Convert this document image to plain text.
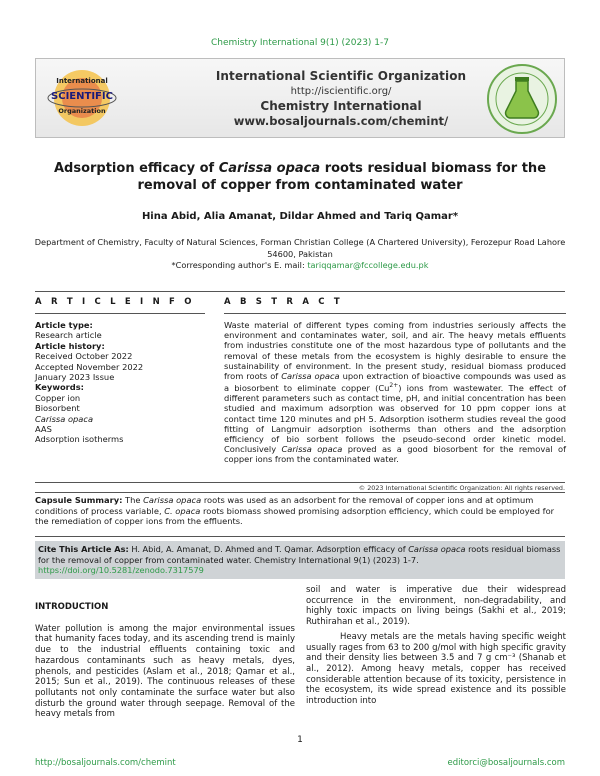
Chemistry International 9(1) (2023) 1-7
International
SCIENTIFIC
Organization
International Scientific Organization
http://iscientific.org/
Chemistry International
www.bosaljournals.com/chemint/
Adsorption efficacy of Carissa opaca roots residual biomass for the removal of copper from contaminated water
Hina Abid, Alia Amanat, Dildar Ahmed and Tariq Qamar*
Department of Chemistry, Faculty of Natural Sciences, Forman Christian College (A Chartered University), Ferozepur Road Lahore 54600, Pakistan
*Corresponding author's E. mail: tariqqamar@fccollege.edu.pk
A R T I C L E I N F O	A B S T R A C T
Article type:
Research article
Article history:
Received October 2022
Accepted November 2022
January 2023 Issue
Keywords:
Copper ion
Biosorbent
Carissa opaca
AAS
Adsorption isotherms
Waste material of different types coming from industries seriously affects the environment and contaminates water, soil, and air. The heavy metals effluents from industries constitute one of the most hazardous type of pollutants and the removal of these metals from the ecosystem is highly desirable to ensure the sustainability of environment. In the present study, residual biomass produced from roots of Carissa opaca upon extraction of bioactive compounds was used as a biosorbent to eliminate copper $(Cu^{2+})$ ions from wastewater. The effect of different parameters such as contact time, pH, and initial concentration has been studied and maximum adsorption was observed for 10 ppm copper ions at contact time 120 minutes and pH 5. Adsorption isotherm studies reveal the good fitting of Langmuir adsorption isotherms than others and the adsorption efficiency of bio sorbent follows the pseudo-second order kinetic model. Conclusively Carissa opaca proved as a good biosorbent for the removal of copper ions from the contaminated water.
© 2023 International Scientific Organization: All rights reserved.
Capsule Summary: The Carissa opaca roots was used as an adsorbent for the removal of copper ions and at optimum conditions of process variable, C. opaca roots biomass showed promising adsorption efficiency, which could be employed for the remediation of copper ions from the effluents.
Cite This Article As: H. Abid, A. Amanat, D. Ahmed and T. Qamar. Adsorption efficacy of Carissa opaca roots residual biomass for the removal of copper from contaminated water. Chemistry International 9(1) (2023) 1-7.
https://doi.org/10.5281/zenodo.7317579
INTRODUCTION

Water pollution is among the major environmental issues that humanity faces today, and its ascending trend is mainly due to the industrial effluents containing toxic and hazardous contaminants such as heavy metals, dyes, phenols, and pesticides (Aslam et al., 2018; Qamar et al., 2015; Sun et al., 2019). The continuous releases of these pollutants not only contaminate the surface water but also disturb the ground water through seepage. Removal of the heavy metals from

soil and water is imperative due their widespread occurrence in the environment, non-degradability, and highly toxic impacts on living beings (Sakhi et al., 2019; Ruthirahan et al., 2019).

Heavy metals are the metals having specific weight usually rages from 63 to 200 g/mol with high specific gravity and their density lies between 3.5 and 7 g cm⁻³ (Shanab et al., 2012). Among heavy metals, copper has received considerable attention because of its toxicity, persistence in the ecosystem, its wide spread existence and its possible introduction into

1
http://bosaljournals.com/chemint	editorci@bosaljournals.com
